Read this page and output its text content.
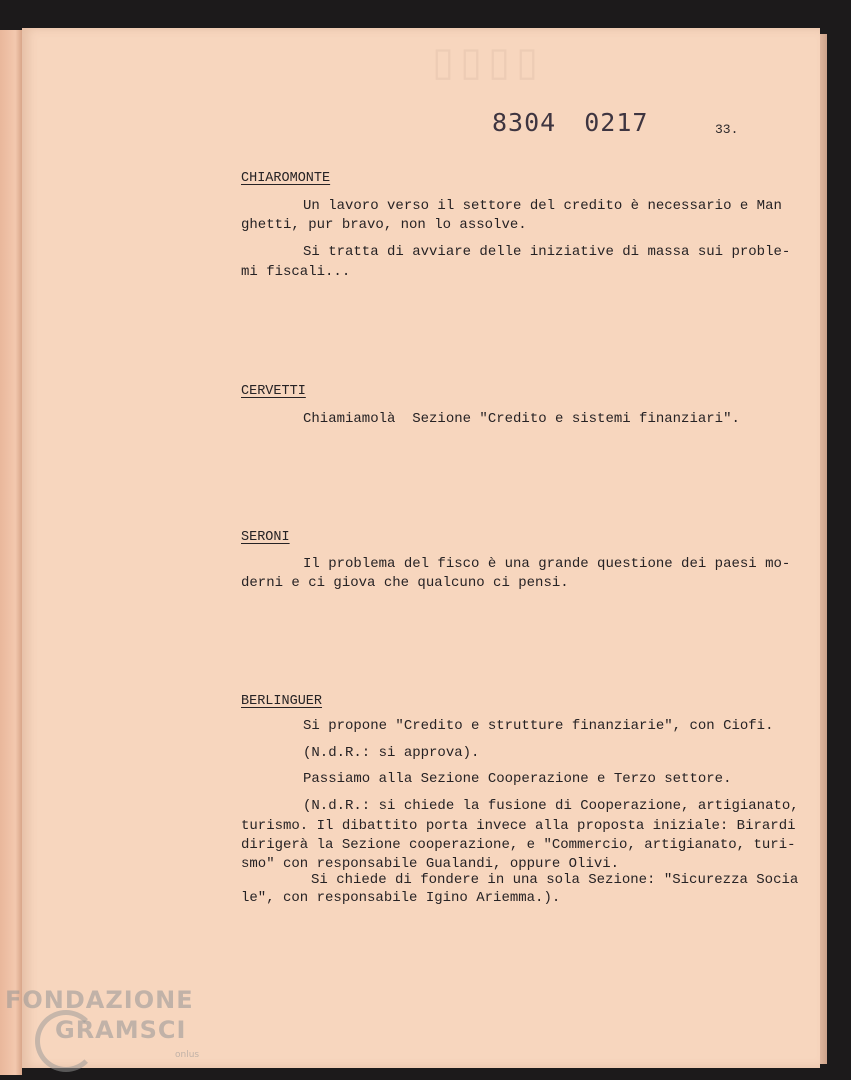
▯▯▯▯
8304 0217	33.
CHIAROMONTE
Un lavoro verso il settore del credito è necessario e Man
ghetti, pur bravo, non lo assolve.
Si tratta di avviare delle iniziative di massa sui proble-
mi fiscali...
CERVETTI
Chiamiamolà  Sezione "Credito e sistemi finanziari".
SERONI
Il problema del fisco è una grande questione dei paesi mo-
derni e ci giova che qualcuno ci pensi.
BERLINGUER
Si propone "Credito e strutture finanziarie", con Ciofi.
(N.d.R.: si approva).
Passiamo alla Sezione Cooperazione e Terzo settore.
(N.d.R.: si chiede la fusione di Cooperazione, artigianato,
turismo. Il dibattito porta invece alla proposta iniziale: Birardi
dirigerà la Sezione cooperazione, e "Commercio, artigianato, turi-
smo" con responsabile Gualandi, oppure Olivi.
Si chiede di fondere in una sola Sezione: "Sicurezza Socia
le", con responsabile Igino Ariemma.).
FONDAZIONE
GRAMSCI
onlus
